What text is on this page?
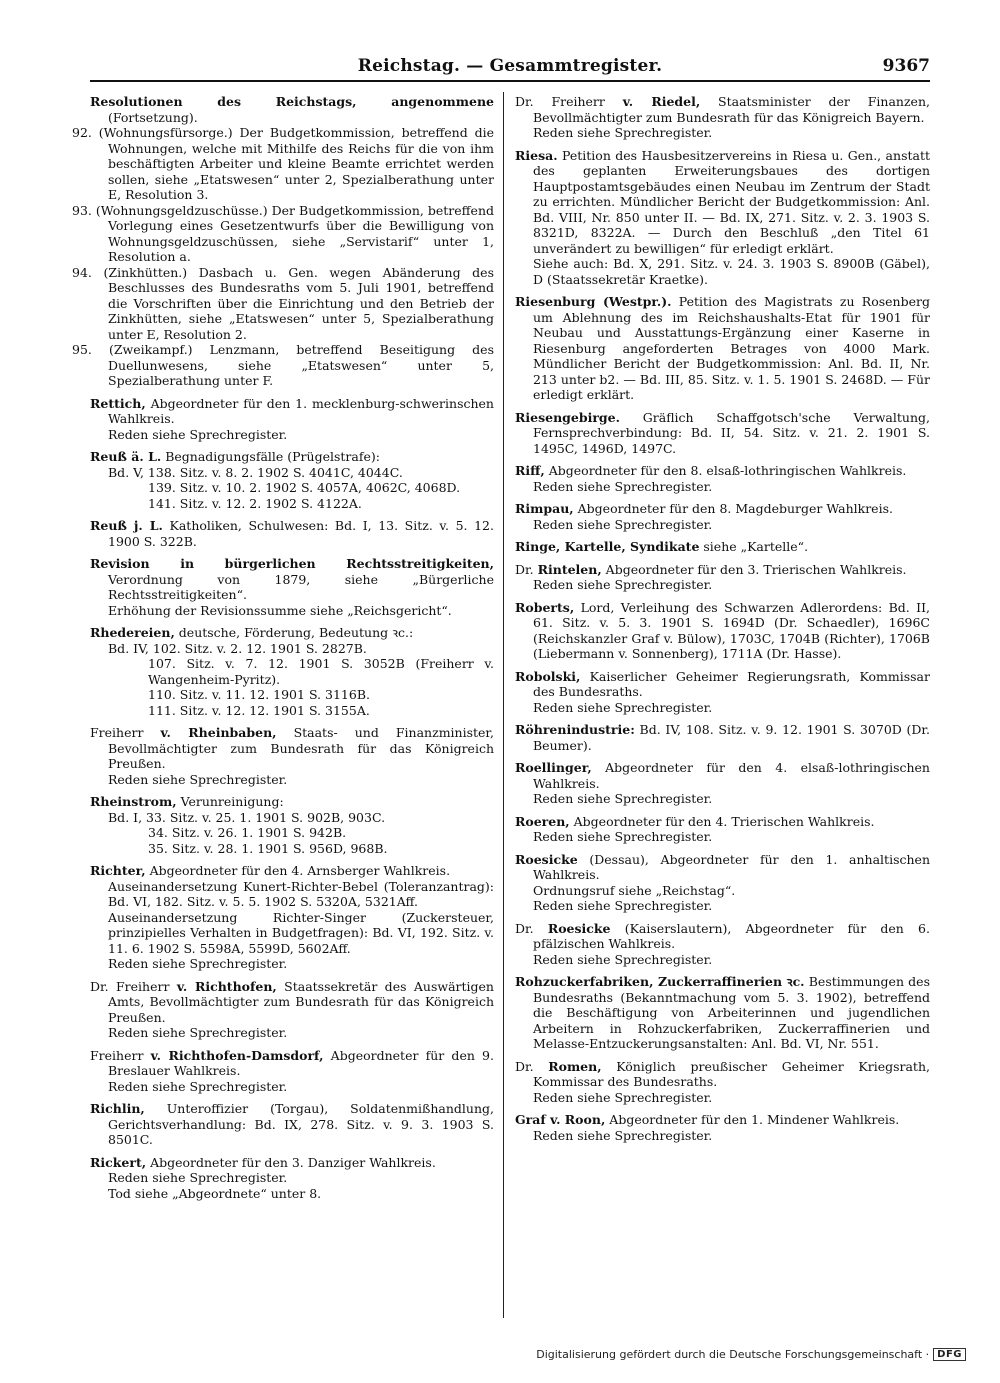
Reichstag. — Gesammtregister.	9367

Resolutionen des Reichstags, angenommene (Fortsetzung).

92. (Wohnungsfürsorge.) Der Budgetkommission, betreffend die Wohnungen, welche mit Mithilfe des Reichs für die von ihm beschäftigten Arbeiter und kleine Beamte errichtet werden sollen, siehe „Etatswesen“ unter 2, Spezialberathung unter E, Resolution 3.

93. (Wohnungsgeldzuschüsse.) Der Budgetkommission, betreffend Vorlegung eines Gesetzentwurfs über die Bewilligung von Wohnungsgeldzuschüssen, siehe „Servistarif“ unter 1, Resolution a.

94. (Zinkhütten.) Dasbach u. Gen. wegen Abänderung des Beschlusses des Bundesraths vom 5. Juli 1901, betreffend die Vorschriften über die Einrichtung und den Betrieb der Zinkhütten, siehe „Etatswesen“ unter 5, Spezialberathung unter E, Resolution 2.

95. (Zweikampf.) Lenzmann, betreffend Beseitigung des Duellunwesens, siehe „Etatswesen“ unter 5, Spezialberathung unter F.

Rettich, Abgeordneter für den 1. mecklenburg-schwerinschen Wahlkreis.

Reden siehe Sprechregister.

Reuß ä. L. Begnadigungsfälle (Prügelstrafe):

Bd. V, 138. Sitz. v. 8. 2. 1902 S. 4041C, 4044C.

139. Sitz. v. 10. 2. 1902 S. 4057A, 4062C, 4068D.

141. Sitz. v. 12. 2. 1902 S. 4122A.

Reuß j. L. Katholiken, Schulwesen: Bd. I, 13. Sitz. v. 5. 12. 1900 S. 322B.

Revision in bürgerlichen Rechtsstreitigkeiten, Verordnung von 1879, siehe „Bürgerliche Rechtsstreitigkeiten“.

Erhöhung der Revisionssumme siehe „Reichsgericht“.

Rhedereien, deutsche, Förderung, Bedeutung ꝛc.:

Bd. IV, 102. Sitz. v. 2. 12. 1901 S. 2827B.

107. Sitz. v. 7. 12. 1901 S. 3052B (Freiherr v. Wangenheim-Pyritz).

110. Sitz. v. 11. 12. 1901 S. 3116B.

111. Sitz. v. 12. 12. 1901 S. 3155A.

Freiherr v. Rheinbaben, Staats- und Finanzminister, Bevollmächtigter zum Bundesrath für das Königreich Preußen.

Reden siehe Sprechregister.

Rheinstrom, Verunreinigung:

Bd. I, 33. Sitz. v. 25. 1. 1901 S. 902B, 903C.

34. Sitz. v. 26. 1. 1901 S. 942B.

35. Sitz. v. 28. 1. 1901 S. 956D, 968B.

Richter, Abgeordneter für den 4. Arnsberger Wahlkreis.

Auseinandersetzung Kunert-Richter-Bebel (Toleranzantrag): Bd. VI, 182. Sitz. v. 5. 5. 1902 S. 5320A, 5321Aff.

Auseinandersetzung Richter-Singer (Zuckersteuer, prinzipielles Verhalten in Budgetfragen): Bd. VI, 192. Sitz. v. 11. 6. 1902 S. 5598A, 5599D, 5602Aff.

Reden siehe Sprechregister.

Dr. Freiherr v. Richthofen, Staatssekretär des Auswärtigen Amts, Bevollmächtigter zum Bundesrath für das Königreich Preußen.

Reden siehe Sprechregister.

Freiherr v. Richthofen-Damsdorf, Abgeordneter für den 9. Breslauer Wahlkreis.

Reden siehe Sprechregister.

Richlin, Unteroffizier (Torgau), Soldatenmißhandlung, Gerichtsverhandlung: Bd. IX, 278. Sitz. v. 9. 3. 1903 S. 8501C.

Rickert, Abgeordneter für den 3. Danziger Wahlkreis.

Reden siehe Sprechregister.

Tod siehe „Abgeordnete“ unter 8.

Dr. Freiherr v. Riedel, Staatsminister der Finanzen, Bevollmächtigter zum Bundesrath für das Königreich Bayern.

Reden siehe Sprechregister.

Riesa. Petition des Hausbesitzervereins in Riesa u. Gen., anstatt des geplanten Erweiterungsbaues des dortigen Hauptpostamtsgebäudes einen Neubau im Zentrum der Stadt zu errichten. Mündlicher Bericht der Budgetkommission: Anl. Bd. VIII, Nr. 850 unter II. — Bd. IX, 271. Sitz. v. 2. 3. 1903 S. 8321D, 8322A. — Durch den Beschluß „den Titel 61 unverändert zu bewilligen“ für erledigt erklärt.

Siehe auch: Bd. X, 291. Sitz. v. 24. 3. 1903 S. 8900B (Gäbel), D (Staatssekretär Kraetke).

Riesenburg (Westpr.). Petition des Magistrats zu Rosenberg um Ablehnung des im Reichshaushalts-Etat für 1901 für Neubau und Ausstattungs-Ergänzung einer Kaserne in Riesenburg angeforderten Betrages von 4000 Mark. Mündlicher Bericht der Budgetkommission: Anl. Bd. II, Nr. 213 unter b2. — Bd. III, 85. Sitz. v. 1. 5. 1901 S. 2468D. — Für erledigt erklärt.

Riesengebirge. Gräflich Schaffgotsch'sche Verwaltung, Fernsprechverbindung: Bd. II, 54. Sitz. v. 21. 2. 1901 S. 1495C, 1496D, 1497C.

Riff, Abgeordneter für den 8. elsaß-lothringischen Wahlkreis.

Reden siehe Sprechregister.

Rimpau, Abgeordneter für den 8. Magdeburger Wahlkreis.

Reden siehe Sprechregister.

Ringe, Kartelle, Syndikate siehe „Kartelle“.

Dr. Rintelen, Abgeordneter für den 3. Trierischen Wahlkreis.

Reden siehe Sprechregister.

Roberts, Lord, Verleihung des Schwarzen Adlerordens: Bd. II, 61. Sitz. v. 5. 3. 1901 S. 1694D (Dr. Schaedler), 1696C (Reichskanzler Graf v. Bülow), 1703C, 1704B (Richter), 1706B (Liebermann v. Sonnenberg), 1711A (Dr. Hasse).

Robolski, Kaiserlicher Geheimer Regierungsrath, Kommissar des Bundesraths.

Reden siehe Sprechregister.

Röhrenindustrie: Bd. IV, 108. Sitz. v. 9. 12. 1901 S. 3070D (Dr. Beumer).

Roellinger, Abgeordneter für den 4. elsaß-lothringischen Wahlkreis.

Reden siehe Sprechregister.

Roeren, Abgeordneter für den 4. Trierischen Wahlkreis.

Reden siehe Sprechregister.

Roesicke (Dessau), Abgeordneter für den 1. anhaltischen Wahlkreis.

Ordnungsruf siehe „Reichstag“.

Reden siehe Sprechregister.

Dr. Roesicke (Kaiserslautern), Abgeordneter für den 6. pfälzischen Wahlkreis.

Reden siehe Sprechregister.

Rohzuckerfabriken, Zuckerraffinerien ꝛc. Bestimmungen des Bundesraths (Bekanntmachung vom 5. 3. 1902), betreffend die Beschäftigung von Arbeiterinnen und jugendlichen Arbeitern in Rohzuckerfabriken, Zuckerraffinerien und Melasse-Entzuckerungsanstalten: Anl. Bd. VI, Nr. 551.

Dr. Romen, Königlich preußischer Geheimer Kriegsrath, Kommissar des Bundesraths.

Reden siehe Sprechregister.

Graf v. Roon, Abgeordneter für den 1. Mindener Wahlkreis.

Reden siehe Sprechregister.

Digitalisierung gefördert durch die Deutsche Forschungsgemeinschaft · DFG
